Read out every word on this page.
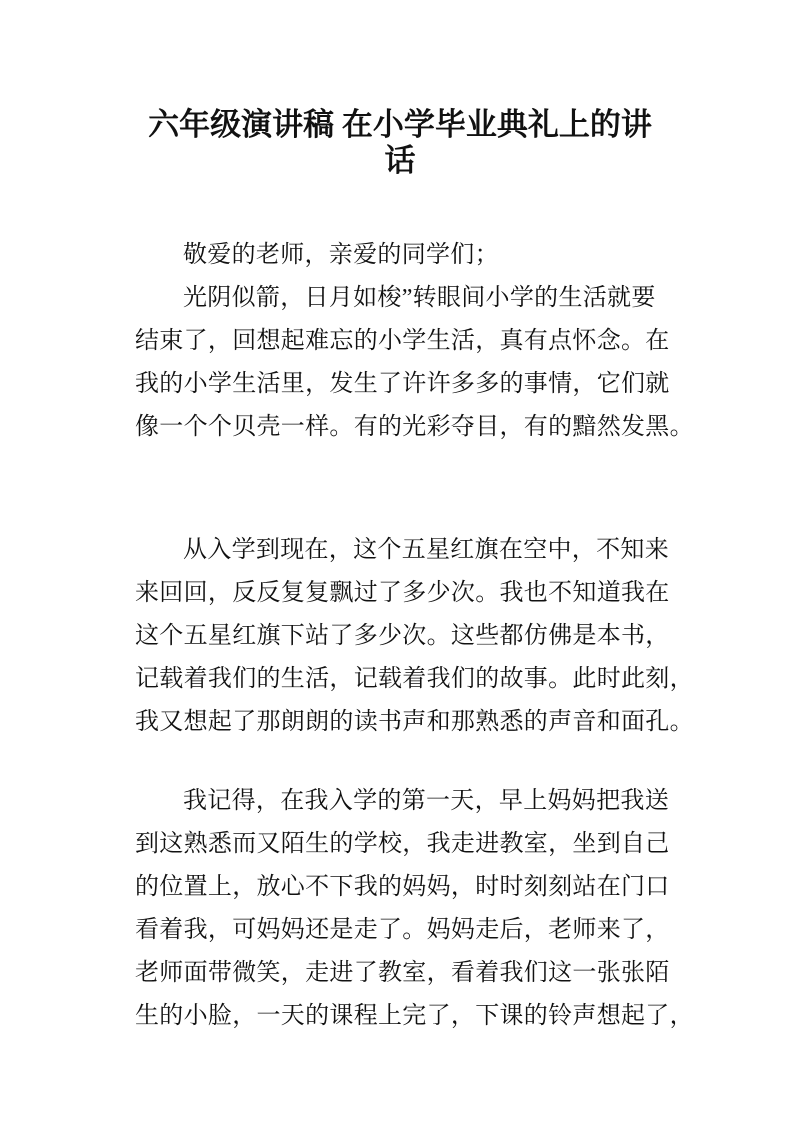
六年级演讲稿 在小学毕业典礼上的讲
话
敬爱的老师，亲爱的同学们；
光阴似箭，日月如梭”转眼间小学的生活就要
结束了，回想起难忘的小学生活，真有点怀念。在
我的小学生活里，发生了许许多多的事情，它们就
像一个个贝壳一样。有的光彩夺目，有的黯然发黑。
从入学到现在，这个五星红旗在空中，不知来
来回回，反反复复飘过了多少次。我也不知道我在
这个五星红旗下站了多少次。这些都仿佛是本书，
记载着我们的生活，记载着我们的故事。此时此刻，
我又想起了那朗朗的读书声和那熟悉的声音和面孔。
我记得，在我入学的第一天，早上妈妈把我送
到这熟悉而又陌生的学校，我走进教室，坐到自己
的位置上，放心不下我的妈妈，时时刻刻站在门口
看着我，可妈妈还是走了。妈妈走后，老师来了，
老师面带微笑，走进了教室，看着我们这一张张陌
生的小脸，一天的课程上完了，下课的铃声想起了，
